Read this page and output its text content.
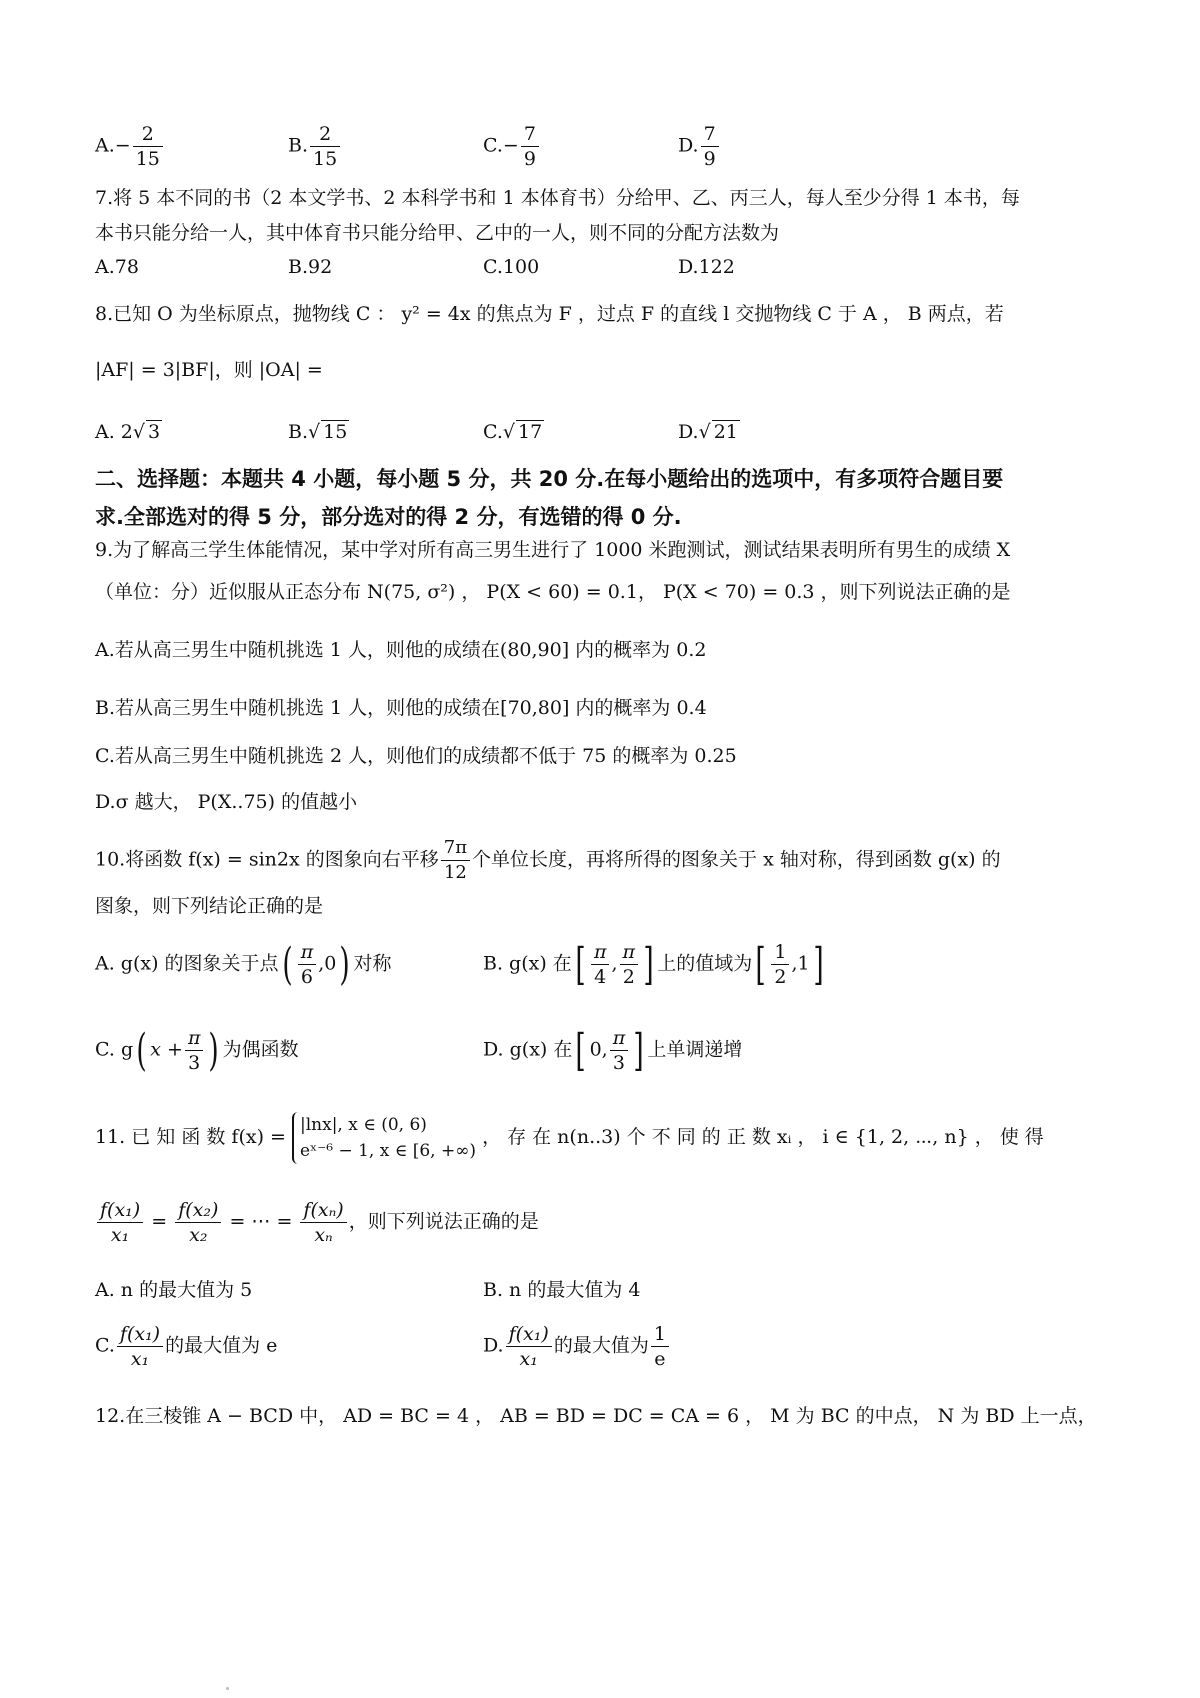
$A.- \frac{2}{15}$	B. $\frac{2}{15}$	$C.- \frac{7}{9}$	D. $\frac{7}{9}$
7.将 5 本不同的书（2 本文学书、2 本科学书和 1 本体育书）分给甲、乙、丙三人，每人至少分得 1 本书，每
本书只能分给一人，其中体育书只能分给甲、乙中的一人，则不同的分配方法数为
A.78	B.92	C.100	D.122
8.已知 O 为坐标原点，抛物线 C ： y² = 4x 的焦点为 F ，过点 F 的直线 l 交抛物线 C 于 A ， B 两点，若
|AF| = 3|BF|，则 |OA| =
A. 2√ 3	B.√ 15	C.√ 17	D.√ 21
二、选择题：本题共 4 小题，每小题 5 分，共 20 分.在每小题给出的选项中，有多项符合题目要
求.全部选对的得 5 分，部分选对的得 2 分，有选错的得 0 分.
9.为了解高三学生体能情况，某中学对所有高三男生进行了 1000 米跑测试，测试结果表明所有男生的成绩 X
（单位：分）近似服从正态分布 N(75, σ²) ， P(X < 60) = 0.1， P(X < 70) = 0.3 ，则下列说法正确的是
A.若从高三男生中随机挑选 1 人，则他的成绩在(80,90] 内的概率为 0.2
B.若从高三男生中随机挑选 1 人，则他的成绩在[70,80] 内的概率为 0.4
C.若从高三男生中随机挑选 2 人，则他们的成绩都不低于 75 的概率为 0.25
D.σ 越大， P(X..75) 的值越小
10.将函数 f(x) = sin2x 的图象向右平移 $\frac{7\pi}{12}$ 个单位长度，再将所得的图象关于 x 轴对称，得到函数 g(x) 的
图象，则下列结论正确的是
A. g(x) 的图象关于点( $\frac{\pi}{6} ,0$) 对称	B. g(x) 在[ $\frac{\pi}{4}$ , $\frac{\pi}{2}$ ] 上的值域为[ $\frac{1}{2} ,1$]
C. g( $x + \frac{\pi}{3}$ ) 为偶函数	D. g(x) 在[ 0, $\frac{\pi}{3}$ ] 上单调递增
11. 已 知 函 数 f(x) =
|lnx|, x ∈ (0, 6)
eˣ⁻⁶ − 1, x ∈ [6, +∞)
， 存 在 n(n..3) 个 不 同 的 正 数 xᵢ ， i ∈ {1, 2, ⋯, n} ， 使 得
$\frac{\text{f(x₁)}}{\text{x₁}} = \frac{\text{f(x₂)}}{\text{x₂}}$ = ⋯ = $\frac{\text{f(xₙ)}}{\text{xₙ}}$ ，则下列说法正确的是
A. n 的最大值为 5	B. n 的最大值为 4
C. $\frac{\text{f(x₁)}}{\text{x₁}}$ 的最大值为 e	D. $\frac{\text{f(x₁)}}{\text{x₁}}$ 的最大值为 $\frac{1}{e}$
12.在三棱锥 A − BCD 中， AD = BC = 4 ， AB = BD = DC = CA = 6 ， M 为 BC 的中点， N 为 BD 上一点，
